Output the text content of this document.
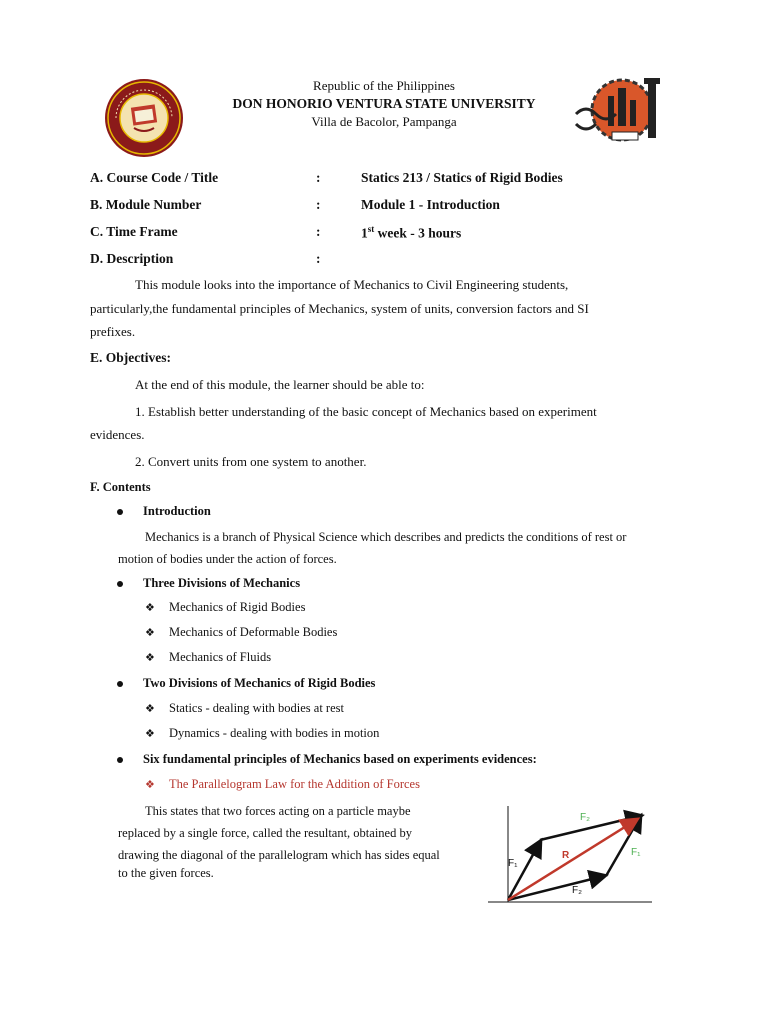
Republic of the Philippines
DON HONORIO VENTURA STATE UNIVERSITY
Villa de Bacolor, Pampanga
A. Course Code / Title	:	Statics 213 / Statics of Rigid Bodies
B. Module Number	:	Module 1 - Introduction
C. Time Frame	:	1st week - 3 hours
D. Description	:
This module looks into the importance of Mechanics to Civil Engineering students,
particularly,the fundamental principles of Mechanics, system of units, conversion factors and SI
prefixes.
E. Objectives:
At the end of this module, the learner should be able to:
1. Establish better understanding of the basic concept of Mechanics based on experiment
evidences.
2. Convert units from one system to another.
F. Contents
Introduction
Mechanics is a branch of Physical Science which describes and predicts the conditions of rest or
motion of bodies under the action of forces.
Three Divisions of Mechanics
❖ Mechanics of Rigid Bodies
❖ Mechanics of Deformable Bodies
❖ Mechanics of Fluids
Two Divisions of Mechanics of Rigid Bodies
❖ Statics - dealing with bodies at rest
❖ Dynamics - dealing with bodies in motion
Six fundamental principles of Mechanics based on experiments evidences:
❖ The Parallelogram Law for the Addition of Forces
This states that two forces acting on a particle maybe
replaced by a single force, called the resultant, obtained by
drawing the diagonal of the parallelogram which has sides equal
to the given forces.
F₂
F₁
R	F₁
F₂
